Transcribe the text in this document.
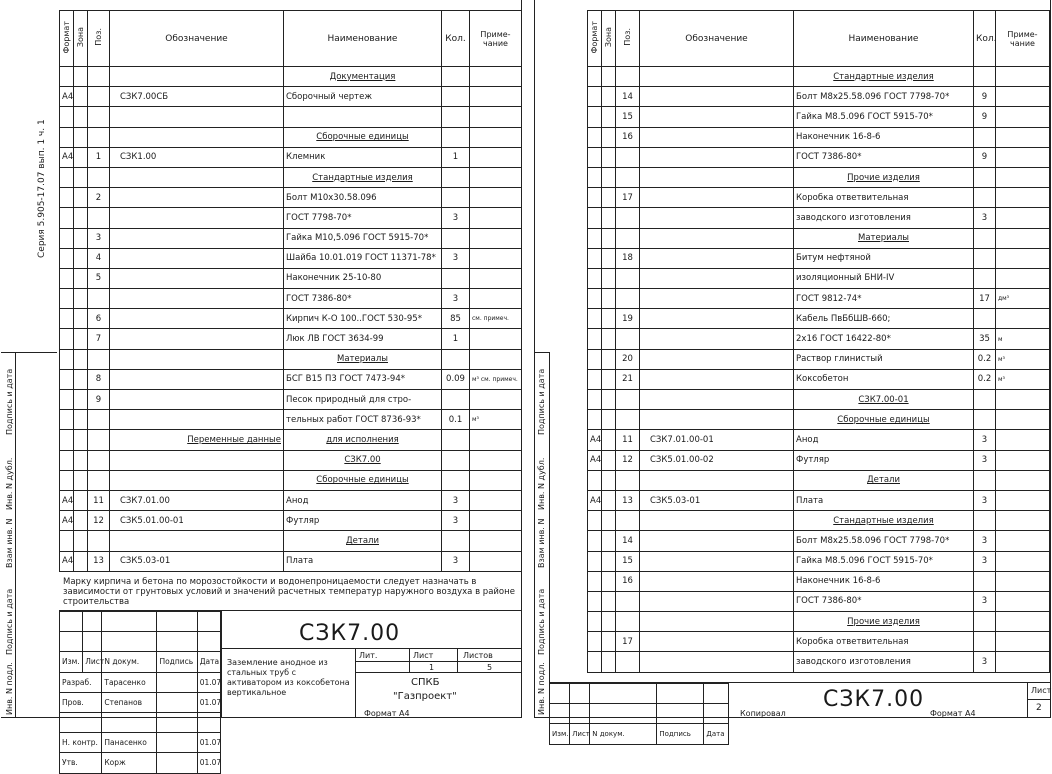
Серия 5.905-17.07 вып. 1 ч. 1
Инв. N подл.
Подпись и дата
Взам инв. N
Инв. N дубл.
Подпись и дата
Формат	Зона	Поз.	Обозначение	Наименование	Кол.	Приме-чание
				Документация		
A4			СЗК7.00СБ	Сборочный чертеж		

				Сборочные единицы		
A4		1	СЗК1.00	Клемник	1	
				Стандартные изделия		
		2		Болт М10х30.58.096		
				ГОСТ 7798-70*	3	
		3		Гайка М10,5.096 ГОСТ 5915-70*		
		4		Шайба 10.01.019 ГОСТ 11371-78*	3	
		5		Наконечник 25-10-80		
				ГОСТ 7386-80*	3	
		6		Кирпич К-О 100..ГОСТ 530-95*	85	см. примеч.
		7		Люк ЛВ ГОСТ 3634-99	1	
				Материалы		
		8		БСГ В15 П3 ГОСТ 7473-94*	0.09	м³ см. примеч.
		9		Песок природный для стро-		
				тельных работ ГОСТ 8736-93*	0.1	м³
			Переменные данные	для исполнения		
				СЗК7.00		
				Сборочные единицы		
A4		11	СЗК7.01.00	Анод	3	
A4		12	СЗК5.01.00-01	Футляр	3	
				Детали		
A4		13	СЗК5.03-01	Плата	3	
Марку кирпича и бетона по морозостойкости и водонепроницаемости следует назначать в зависимости от грунтовых условий и значений расчетных температур наружного воздуха в районе строительства

Изм.	Лист	N докум.	Подпись	Дата
Разраб.		Тарасенко		01.07
Пров.		Степанов		01.07

Н. контр.		Панасенко		01.07
Утв.		Корж		01.07
СЗК7.00
Заземление анодное из стальных труб с активатором из коксобетона вертикальное
Лит.	Лист	Листов
1	5
СПКБ
"Газпроект"	Инв. N подл.
Подпись и дата
Взам инв. N
Инв. N дубл.
Подпись и дата
Формат	Зона	Поз.	Обозначение	Наименование	Кол.	Приме-чание
				Стандартные изделия		
		14		Болт М8х25.58.096 ГОСТ 7798-70*	9	
		15		Гайка М8.5.096 ГОСТ 5915-70*	9	
		16		Наконечник 16-8-6		
				ГОСТ 7386-80*	9	
				Прочие изделия		
		17		Коробка ответвительная		
				заводского изготовления	3	
				Материалы		
		18		Битум нефтяной		
				изоляционный БНИ-IV		
				ГОСТ 9812-74*	17	дм³
		19		Кабель ПвБбШВ-660;		
				2х16 ГОСТ 16422-80*	35	м
		20		Раствор глинистый	0.2	м³
		21		Коксобетон	0.2	м³
				СЗК7.00-01		
				Сборочные единицы		
A4		11	СЗК7.01.00-01	Анод	3	
A4		12	СЗК5.01.00-02	Футляр	3	
				Детали		
A4		13	СЗК5.03-01	Плата	3	
				Стандартные изделия		
		14		Болт М8х25.58.096 ГОСТ 7798-70*	3	
		15		Гайка М8.5.096 ГОСТ 5915-70*	3	
		16		Наконечник 16-8-6		
				ГОСТ 7386-80*	3	
				Прочие изделия		
		17		Коробка ответвительная		
				заводского изготовления	3	

Изм.	Лист	N докум.	Подпись	Дата
СЗК7.00	Лист
2
Формат А4	Копировал	Формат А4
